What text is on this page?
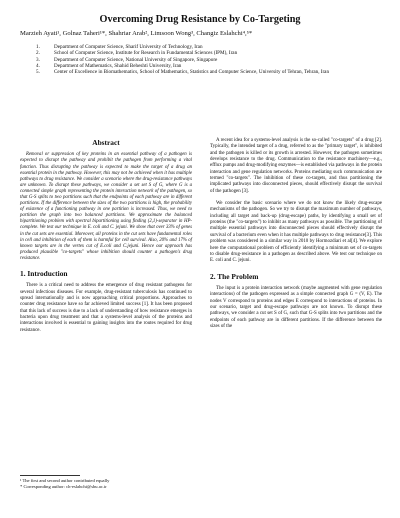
Overcoming Drug Resistance by Co-Targeting
Marzieh Ayati¹, Golnaz Taheri¹*, Shahriar Arab², Limsoon Wong³, Changiz Eslahchi⁴,⁵*
1.	Department of Computer Science, Sharif University of Technology, Iran
2.	School of Computer Science, Institute for Research in Fundamental Sciences (IPM), Iran
3.	Department of Computer Science, National University of Singapore, Singapore
4.	Department of Mathematics, Shahid Beheshti University, Iran
5.	Center of Excellence in Biomathematics, School of Mathematics, Statistics and Computer Science, University of Tehran, Tehran, Iran
Abstract

Removal or suppression of key proteins in an essential pathway of a pathogen is expected to disrupt the pathway and prohibit the pathogen from performing a vital function. Thus disrupting the pathway is expected to make the target of a drug an essential protein in the pathway. However, this may not be achieved when it has multiple pathways to drug resistance. We consider a scenario where the drug-resistance pathways are unknown. To disrupt these pathways, we consider a set set S of G, where G is a connected simple graph representing the protein interaction network of the pathogen, so that G-S splits to two partitions such that the endpoints of each pathway are in different partitions. If the difference between the sizes of the two partitions is high, the probability of existence of a functioning pathway in one partition is increased. Thus, we need to partition the graph into two balanced partitions. We approximate the balanced bipartitioning problem with spectral bipartitioning using finding (2,1)-separator in HP-complete. We test our technique in E. coli and C. jejuni. We show that over 33% of genes in the cut sets are essential. Moreover, all proteins in the cut sets have fundamental roles in cell and inhibition of each of them is harmful for cell survival. Also, 20% and 17% of known targets are in the vertex cut of E.coli and C.jejuni. Hence our approach has produced plausible "co-targets" whose inhibition should counter a pathogen's drug resistance.

1. Introduction

There is a critical need to address the emergence of drug resistant pathogens for several infectious diseases. For example, drug-resistant tuberculosis has continued to spread internationally and is now approaching critical proportions. Approaches to counter drug resistance have so far achieved limited success [1]. It has been proposed that this lack of success is due to a lack of understanding of how resistance emerges in bacteria upon drug treatment and that a systems-level analysis of the proteins and interactions involved is essential to gaining insights into the routes required for drug resistance.

A recent idea for a systems-level analysis is the so-called "co-targets" of a drug [2]. Typically, the intended target of a drug, referred to as the "primary target", is inhibited and the pathogen is killed or its growth is arrested. However, the pathogen sometimes develops resistance to the drug. Communication to the resistance machinery—e.g., efflux pumps and drug-modifying enzymes—is established via pathways in the protein interaction and gene regulation networks. Proteins mediating such communication are termed "co-targets". The inhibition of these co-targets, and thus partitioning the implicated pathways into disconnected pieces, should effectively disrupt the survival of the pathogen [3].

We consider the basic scenario where we do not know the likely drug-escape mechanisms of the pathogen. So we try to disrupt the maximum number of pathways, including all target and back-up (drug-escape) paths, by identifying a small set of proteins (the "co-targets") to inhibit as many pathways as possible. The partitioning of multiple essential pathways into disconnected pieces should effectively disrupt the survival of a bacterium even when it has multiple pathways to drug resistance[3]. This problem was considered in a similar way in 2010 by Hormozdiari et al[4]. We explore here the computational problem of efficiently identifying a minimum set of co-targets to disable drug-resistance in a pathogen as described above. We test our technique on E. coli and C. jejuni.

2. The Problem

The input is a protein interaction network (maybe augmented with gene regulation interactions) of the pathogen expressed as a simple connected graph G = (V, E). The nodes V correspond to proteins and edges E correspond to interactions of proteins. In our scenario, target and drug-escape pathways are not known. To disrupt these pathways, we consider a cut set S of G, such that G-S splits into two partitions and the endpoints of each pathway are in different partitions. If the difference between the sizes of the

¹ The first and second author contributed equally
* Corresponding author: ch-eslahchi@sbu.ac.ir
